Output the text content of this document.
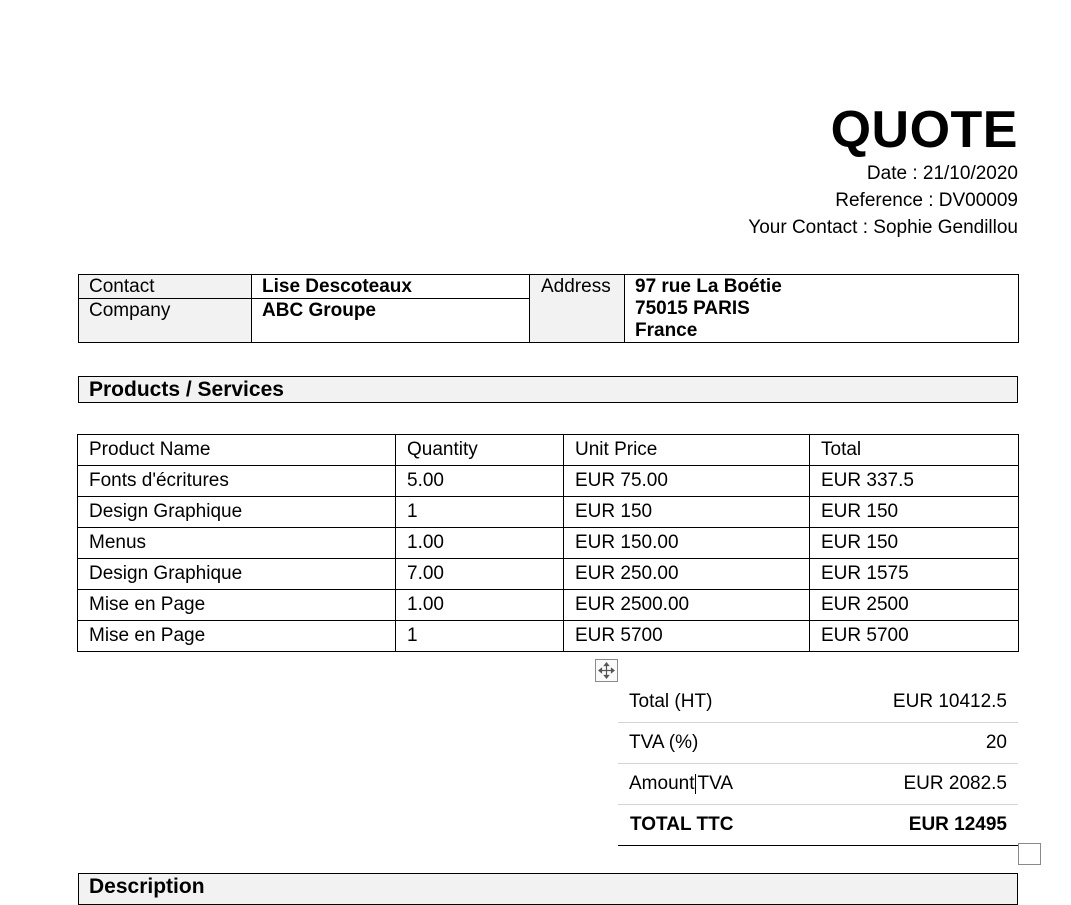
QUOTE
Date : 21/10/2020
Reference : DV00009
Your Contact : Sophie Gendillou
Contact	Lise Descoteaux	Address	97 rue La Boétie
75015 PARIS
France

Company	ABC Groupe		
Products / Services
Product Name	Quantity	Unit Price	Total
Fonts d'écritures	5.00	EUR 75.00	EUR 337.5
Design Graphique	1	EUR 150	EUR 150
Menus	1.00	EUR 150.00	EUR 150
Design Graphique	7.00	EUR 250.00	EUR 1575
Mise en Page	1.00	EUR 2500.00	EUR 2500
Mise en Page	1	EUR 5700	EUR 5700
Total (HT)	EUR 10412.5
TVA (%)	20
Amount TVA	EUR 2082.5
TOTAL TTC	EUR 12495
Description
